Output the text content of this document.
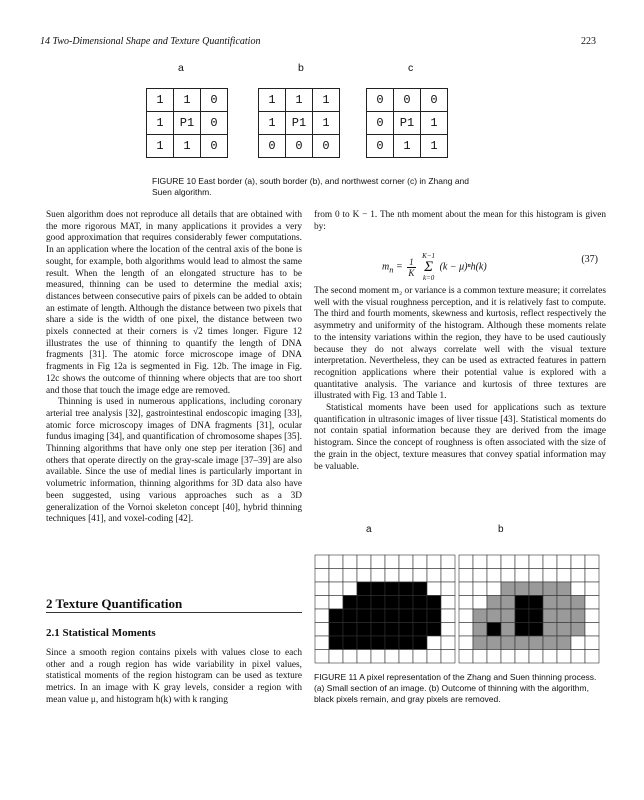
14 Two-Dimensional Shape and Texture Quantification	223
a	b	c
1	1	0
1	P1	0
1	1	0
1	1	1
1	P1	1
0	0	0
0	0	0
0	P1	1
0	1	1
FIGURE 10 East border (a), south border (b), and northwest corner (c) in Zhang and Suen algorithm.

Suen algorithm does not reproduce all details that are obtained with the more rigorous MAT, in many applications it provides a very good approximation that requires considerably fewer computations. In an application where the location of the central axis of the bone is sought, for example, both algorithms would lead to almost the same result. When the length of an elongated structure has to be measured, thinning can be used to determine the medial axis; distances between consecutive pairs of pixels can be added to obtain an estimate of length. Although the distance between two pixels that share a side is the width of one pixel, the distance between two pixels connected at their corners is √2 times longer. Figure 12 illustrates the use of thinning to quantify the length of DNA fragments [31]. The atomic force microscope image of DNA fragments in Fig 12a is segmented in Fig. 12b. The image in Fig. 12c shows the outcome of thinning where objects that are too short and those that touch the image edge are removed.

Thinning is used in numerous applications, including coronary arterial tree analysis [32], gastrointestinal endoscopic imaging [33], atomic force microscopy images of DNA fragments [31], ocular fundus imaging [34], and quantification of chromosome shapes [35]. Thinning algorithms that have only one step per iteration [36] and others that operate directly on the gray-scale image [37–39] are also available. Since the use of medial lines is particularly important in volumetric information, thinning algorithms for 3D data also have been suggested, using various approaches such as a 3D generalization of the Vornoi skeleton concept [40], hybrid thinning techniques [41], and voxel-coding [42].

2 Texture Quantification
2.1 Statistical Moments
Since a smooth region contains pixels with values close to each other and a rough region has wide variability in pixel values, statistical moments of the region histogram can be used as texture metrics. In an image with K gray levels, consider a region with mean value μ, and histogram h(k) with k ranging

from 0 to K − 1. The nth moment about the mean for this histogram is given by:

$m_n = \frac{1}{K} K-1$
Σ
k=0 (k − μ)ⁿh(k)
(37)

The second moment m₂ or variance is a common texture measure; it correlates well with the visual roughness perception, and it is relatively fast to compute. The third and fourth moments, skewness and kurtosis, reflect respectively the asymmetry and uniformity of the histogram. Although these moments relate to the intensity variations within the region, they have to be used cautiously because they do not always correlate well with the visual texture interpretation. Nevertheless, they can be used as extracted features in pattern recognition applications where their potential value is explored with a quantitative analysis. The variance and kurtosis of three textures are illustrated with Fig. 13 and Table 1.

Statistical moments have been used for applications such as texture quantification in ultrasonic images of liver tissue [43]. Statistical moments do not contain spatial information because they are derived from the image histogram. Since the concept of roughness is often associated with the size of the grain in the object, texture measures that convey spatial information may be valuable.

a	b
FIGURE 11 A pixel representation of the Zhang and Suen thinning process. (a) Small section of an image. (b) Outcome of thinning with the algorithm, black pixels remain, and gray pixels are removed.
